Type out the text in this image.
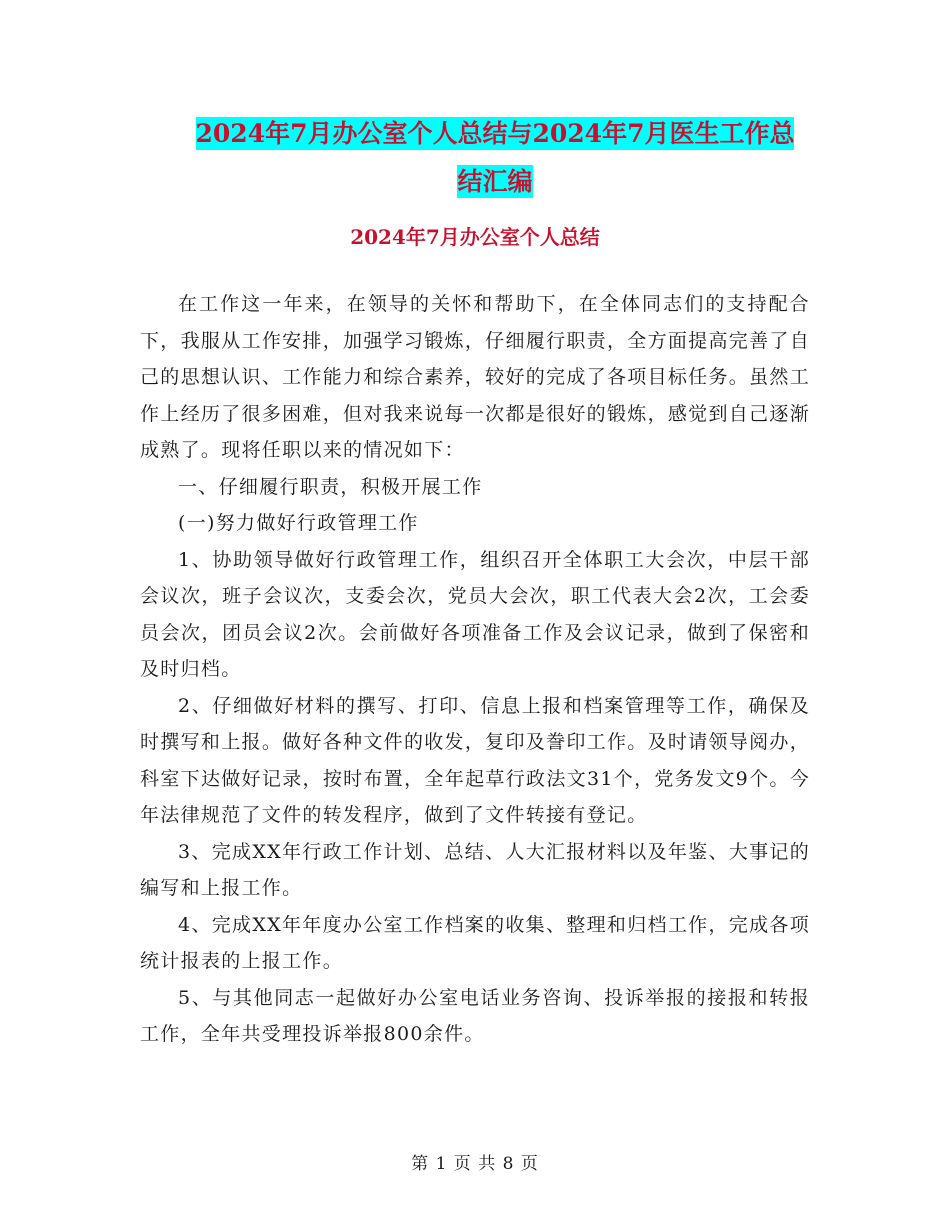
2024年7月办公室个人总结与2024年7月医生工作总
结汇编
2024年7月办公室个人总结

在工作这一年来，在领导的关怀和帮助下，在全体同志们的支持配合下，我服从工作安排，加强学习锻炼，仔细履行职责，全方面提高完善了自己的思想认识、工作能力和综合素养，较好的完成了各项目标任务。虽然工作上经历了很多困难，但对我来说每一次都是很好的锻炼，感觉到自己逐渐成熟了。现将任职以来的情况如下：

一、仔细履行职责，积极开展工作

(一)努力做好行政管理工作

1、协助领导做好行政管理工作，组织召开全体职工大会次，中层干部会议次，班子会议次，支委会次，党员大会次，职工代表大会2次，工会委员会次，团员会议2次。会前做好各项准备工作及会议记录，做到了保密和及时归档。

2、仔细做好材料的撰写、打印、信息上报和档案管理等工作，确保及时撰写和上报。做好各种文件的收发，复印及誊印工作。及时请领导阅办，科室下达做好记录，按时布置，全年起草行政法文31个，党务发文9个。今年法律规范了文件的转发程序，做到了文件转接有登记。

3、完成XX年行政工作计划、总结、人大汇报材料以及年鉴、大事记的编写和上报工作。

4、完成XX年年度办公室工作档案的收集、整理和归档工作，完成各项统计报表的上报工作。

5、与其他同志一起做好办公室电话业务咨询、投诉举报的接报和转报工作，全年共受理投诉举报800余件。

第 1 页 共 8 页
